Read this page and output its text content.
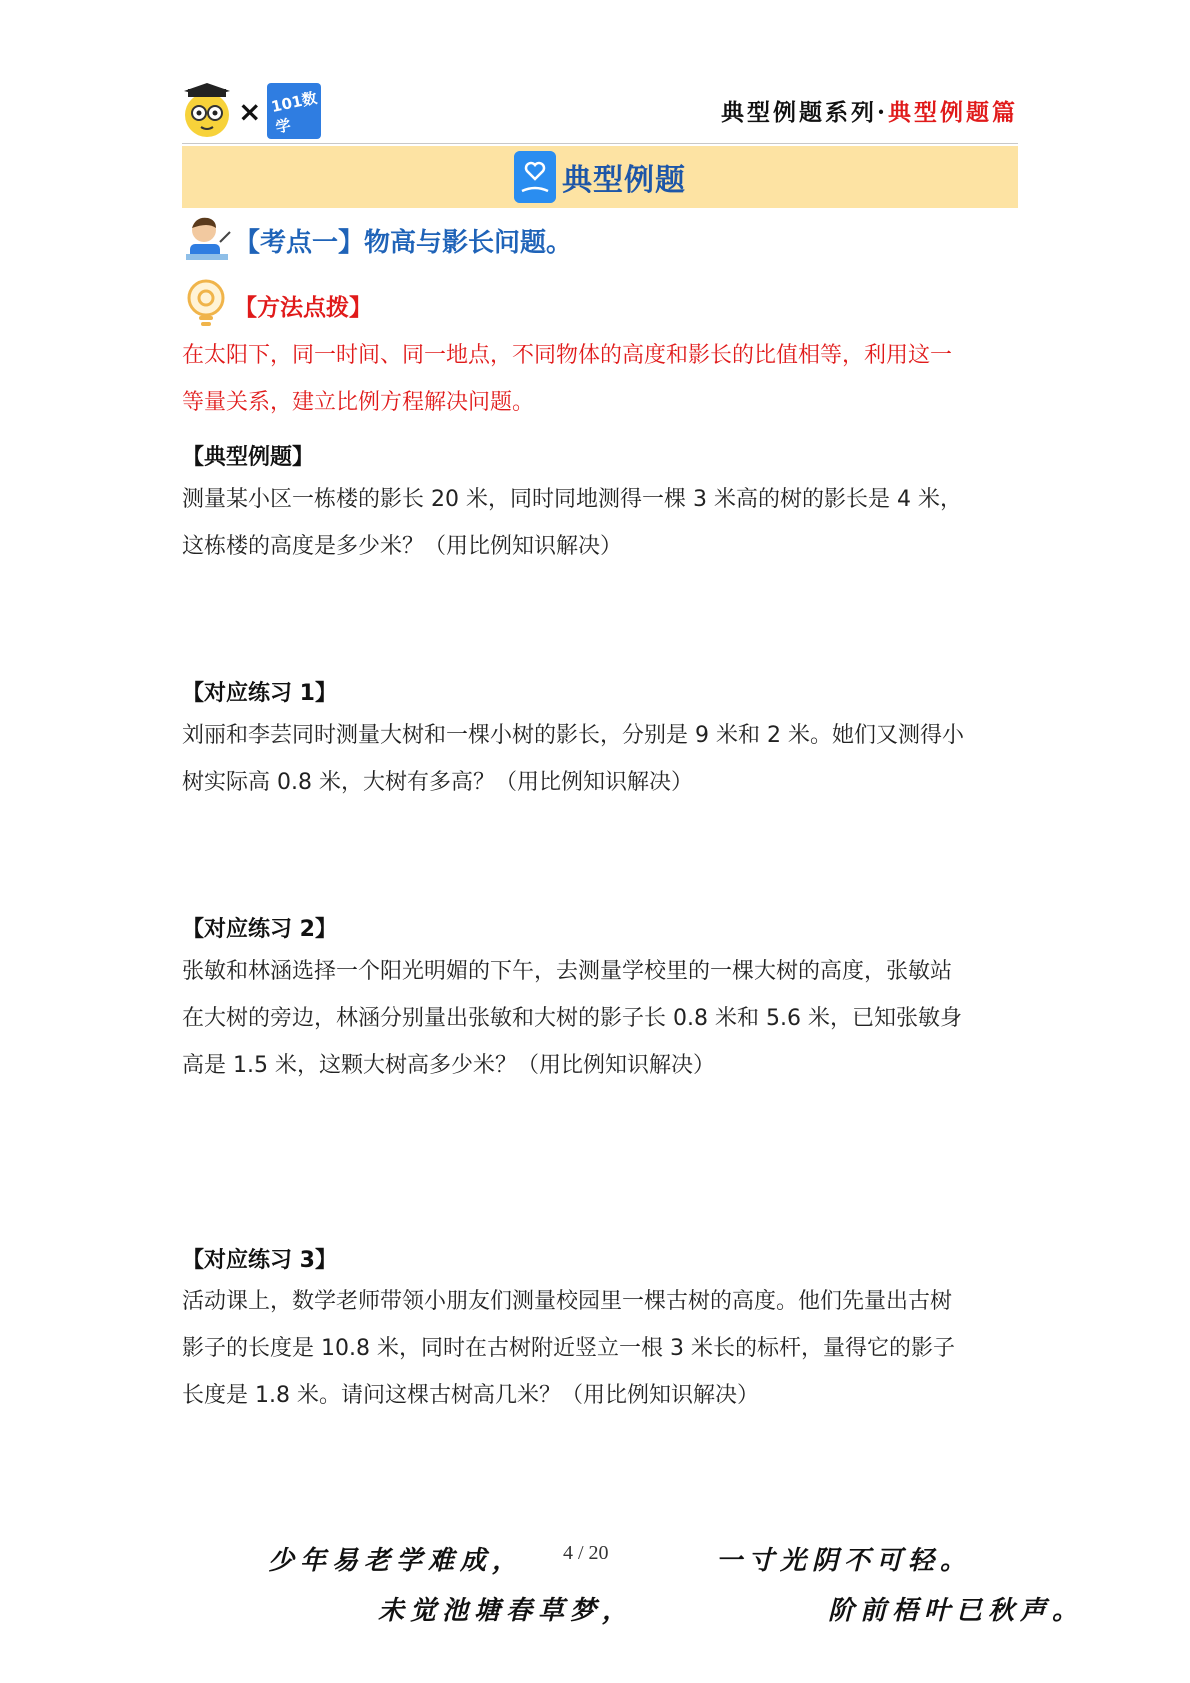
× 101数学
典型例题系列·典型例题篇
典型例题
【考点一】物高与影长问题。
【方法点拨】
在太阳下，同一时间、同一地点，不同物体的高度和影长的比值相等，利用这一
等量关系，建立比例方程解决问题。
【典型例题】
测量某小区一栋楼的影长 20 米，同时同地测得一棵 3 米高的树的影长是 4 米，
这栋楼的高度是多少米？（用比例知识解决）
【对应练习 1】
刘丽和李芸同时测量大树和一棵小树的影长，分别是 9 米和 2 米。她们又测得小
树实际高 0.8 米，大树有多高？（用比例知识解决）
【对应练习 2】
张敏和林涵选择一个阳光明媚的下午，去测量学校里的一棵大树的高度，张敏站
在大树的旁边，林涵分别量出张敏和大树的影子长 0.8 米和 5.6 米，已知张敏身
高是 1.5 米，这颗大树高多少米？（用比例知识解决）
【对应练习 3】
活动课上，数学老师带领小朋友们测量校园里一棵古树的高度。他们先量出古树
影子的长度是 10.8 米，同时在古树附近竖立一根 3 米长的标杆，量得它的影子
长度是 1.8 米。请问这棵古树高几米？（用比例知识解决）
少年易老学难成， 4 / 20	一寸光阴不可轻。
未觉池塘春草梦，	阶前梧叶已秋声。
